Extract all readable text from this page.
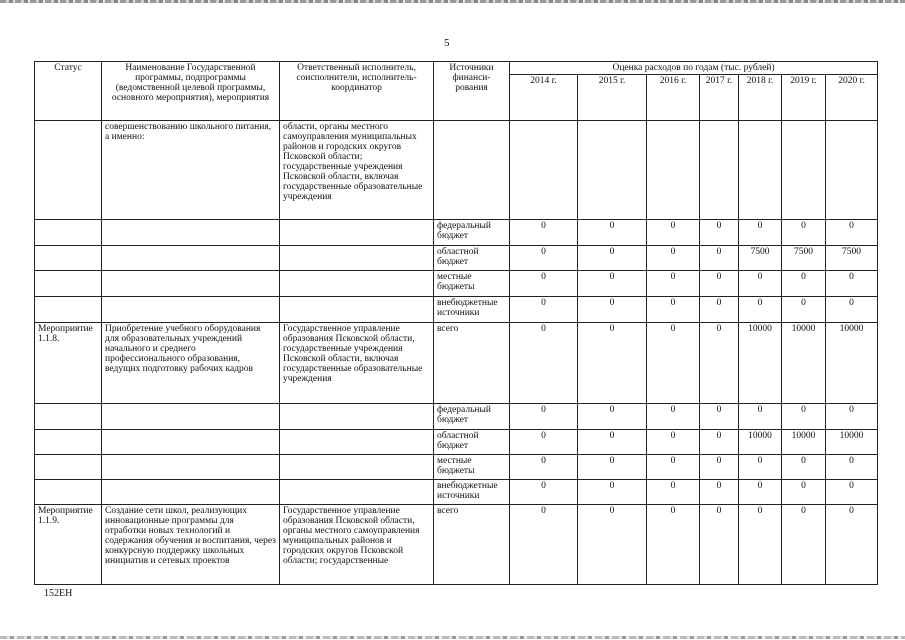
5
Статус	Наименование Государственной программы, подпрограммы (ведомственной целевой программы, основного мероприятия), мероприятия	Ответственный исполнитель, соисполнители, исполнитель-координатор	Источники финанси-рования	Оценка расходов по годам (тыс. рублей)						
				2014 г.	2015 г.	2016 г.	2017 г.	2018 г.	2019 г.	2020 г.
	совершенствованию школьного питания, а именно:	области, органы местного самоуправления муниципальных районов и городских округов Псковской области; государственные учреждения Псковской области, включая государственные образовательные учреждения								
			федеральный бюджет	0	0	0	0	0	0	0
			областной бюджет	0	0	0	0	7500	7500	7500
			местные бюджеты	0	0	0	0	0	0	0
			внебюджетные источники	0	0	0	0	0	0	0
Мероприятие 1.1.8.	Приобретение учебного оборудования для образовательных учреждений начального и среднего профессионального образования, ведущих подготовку рабочих кадров	Государственное управление образования Псковской области, государственные учреждения Псковской области, включая государственные образовательные учреждения	всего	0	0	0	0	10000	10000	10000
			федеральный бюджет	0	0	0	0	0	0	0
			областной бюджет	0	0	0	0	10000	10000	10000
			местные бюджеты	0	0	0	0	0	0	0
			внебюджетные источники	0	0	0	0	0	0	0
Мероприятие 1.1.9.	Создание сети школ, реализующих инновационные программы для отработки новых технологий и содержания обучения и воспитания, через конкурсную поддержку школьных инициатив и сетевых проектов	Государственное управление образования Псковской области, органы местного самоуправления муниципальных районов и городских округов Псковской области; государственные	всего	0	0	0	0	0	0	0
152ЕН
